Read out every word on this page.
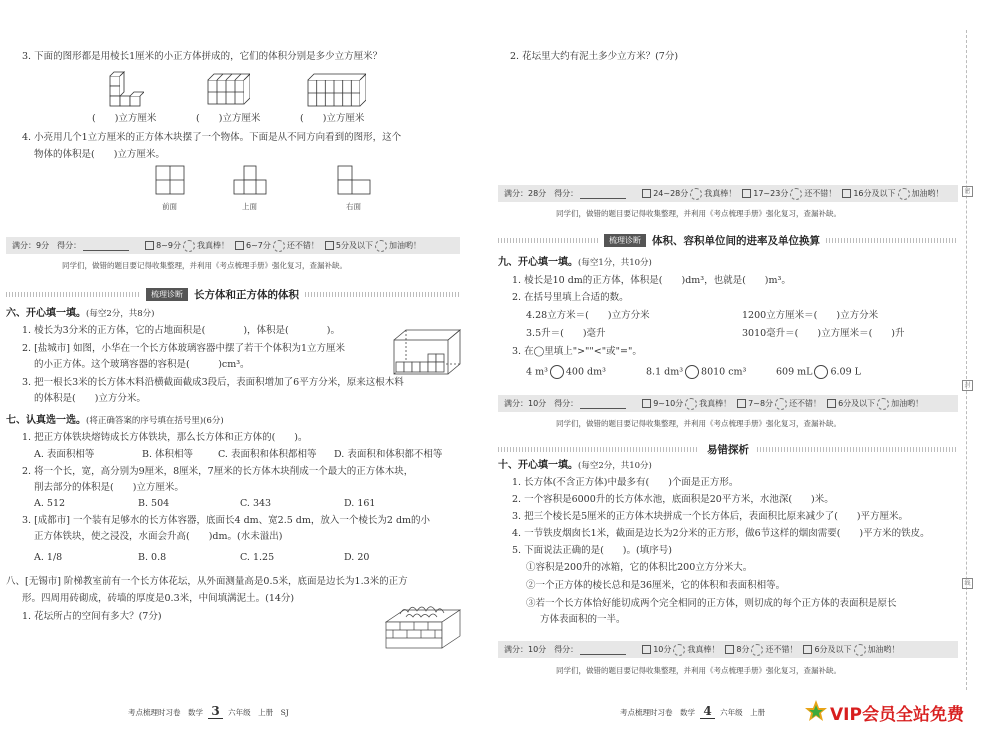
3. 下面的图形都是用棱长1厘米的小正方体拼成的，它们的体积分别是多少立方厘米？
(　　)立方厘米	(　　)立方厘米	(　　)立方厘米
4. 小亮用几个1立方厘米的正方体木块摆了一个物体。下面是从不同方向看到的图形，这个
物体的体积是(　　)立方厘米。
前面	上面	右面
满分：9分
　 得分：	8~9分 我真棒！ 6~7分 还不错！ 5分及以下 加油哟！
同学们，做错的题目要记得收集整理，并利用《考点梳理手册》强化复习，查漏补缺。
梳理诊断	长方体和正方体的体积
六、开心填一填。(每空2分，共8分)
1. 棱长为3分米的正方体，它的占地面积是(　　　　)，体积是(　　　　)。
2. [盐城市] 如图，小华在一个长方体玻璃容器中摆了若干个体积为1立方厘米
的小正方体。这个玻璃容器的容积是(　　　)cm³。
3. 把一根长3米的长方体木料沿横截面截成3段后，表面积增加了6平方分米，原来这根木料
的体积是(　　)立方分米。
七、认真选一选。(将正确答案的序号填在括号里)(6分)
1. 把正方体铁块熔铸成长方体铁块，那么长方体和正方体的(　　)。
A. 表面积相等	B. 体积相等	C. 表面积和体积都相等 D. 表面积和体积都不相等
2. 将一个长，宽，高分别为9厘米，8厘米，7厘米的长方体木块削成一个最大的正方体木块，
削去部分的体积是(　　)立方厘米。
A. 512	B. 504	C. 343	D. 161
3. [成都市] 一个装有足够水的长方体容器，底面长4 dm、宽2.5 dm，放入一个棱长为2 dm的小
正方体铁块，使之浸没，水面会升高(　　)dm。(水未溢出)
A. 1/8	B. 0.8	C. 1.25	D. 20
八、[无锡市] 阶梯教室前有一个长方体花坛，从外面测量高是0.5米，底面是边长为1.3米的正方
形。四周用砖砌成，砖墙的厚度是0.3米，中间填满泥土。(14分)
1. 花坛所占的空间有多大？(7分)
考点梳理时习卷　数学 3 六年级　上册　SJ
2. 花坛里大约有泥土多少立方米？(7分)
满分：28分
　 得分：	24~28分 我真棒！ 17~23分 还不错！ 16分及以下 加油哟！
同学们，做错的题目要记得收集整理，并利用《考点梳理手册》强化复习，查漏补缺。
梳理诊断	体积、容积单位间的进率及单位换算
九、开心填一填。(每空1分，共10分)
1. 棱长是10 dm的正方体，体积是(　　)dm³，也就是(　　)m³。
2. 在括号里填上合适的数。
4.28立方米＝(　　)立方分米	1200立方厘米＝(　　)立方分米
3.5升＝(　　)毫升	3010毫升＝(　　)立方厘米＝(　　)升
3. 在◯里填上">""<"或"="。
4 m³ 400 dm³	8.1 dm³ 8010 cm³	609 mL 6.09 L
满分：10分
　 得分：	9~10分 我真棒！ 7~8分 还不错！ 6分及以下 加油哟！
同学们，做错的题目要记得收集整理，并利用《考点梳理手册》强化复习，查漏补缺。
易错探析
十、开心填一填。(每空2分，共10分)
1. 长方体(不含正方体)中最多有(　　)个面是正方形。
2. 一个容积是6000升的长方体水池，底面积是20平方米，水池深(　　)米。
3. 把三个棱长是5厘米的正方体木块拼成一个长方体后，表面积比原来减少了(　　)平方厘米。
4. 一节铁皮烟囱长1米，截面是边长为2分米的正方形，做6节这样的烟囱需要(　　)平方米的铁皮。
5. 下面说法正确的是(　　)。(填序号)
①容积是200升的冰箱，它的体积比200立方分米大。
②一个正方体的棱长总和是36厘米，它的体积和表面积相等。
③若一个长方体恰好能切成两个完全相同的正方体，则切成的每个正方体的表面积是原长
方体表面积的一半。
满分：10分
　 得分：	10分 我真棒！ 8分 还不错！ 6分及以下 加油哟！
同学们，做错的题目要记得收集整理，并利用《考点梳理手册》强化复习，查漏补缺。
考点梳理时习卷　数学 4 六年级　上册
密
封
线
VIP会员全站免费
